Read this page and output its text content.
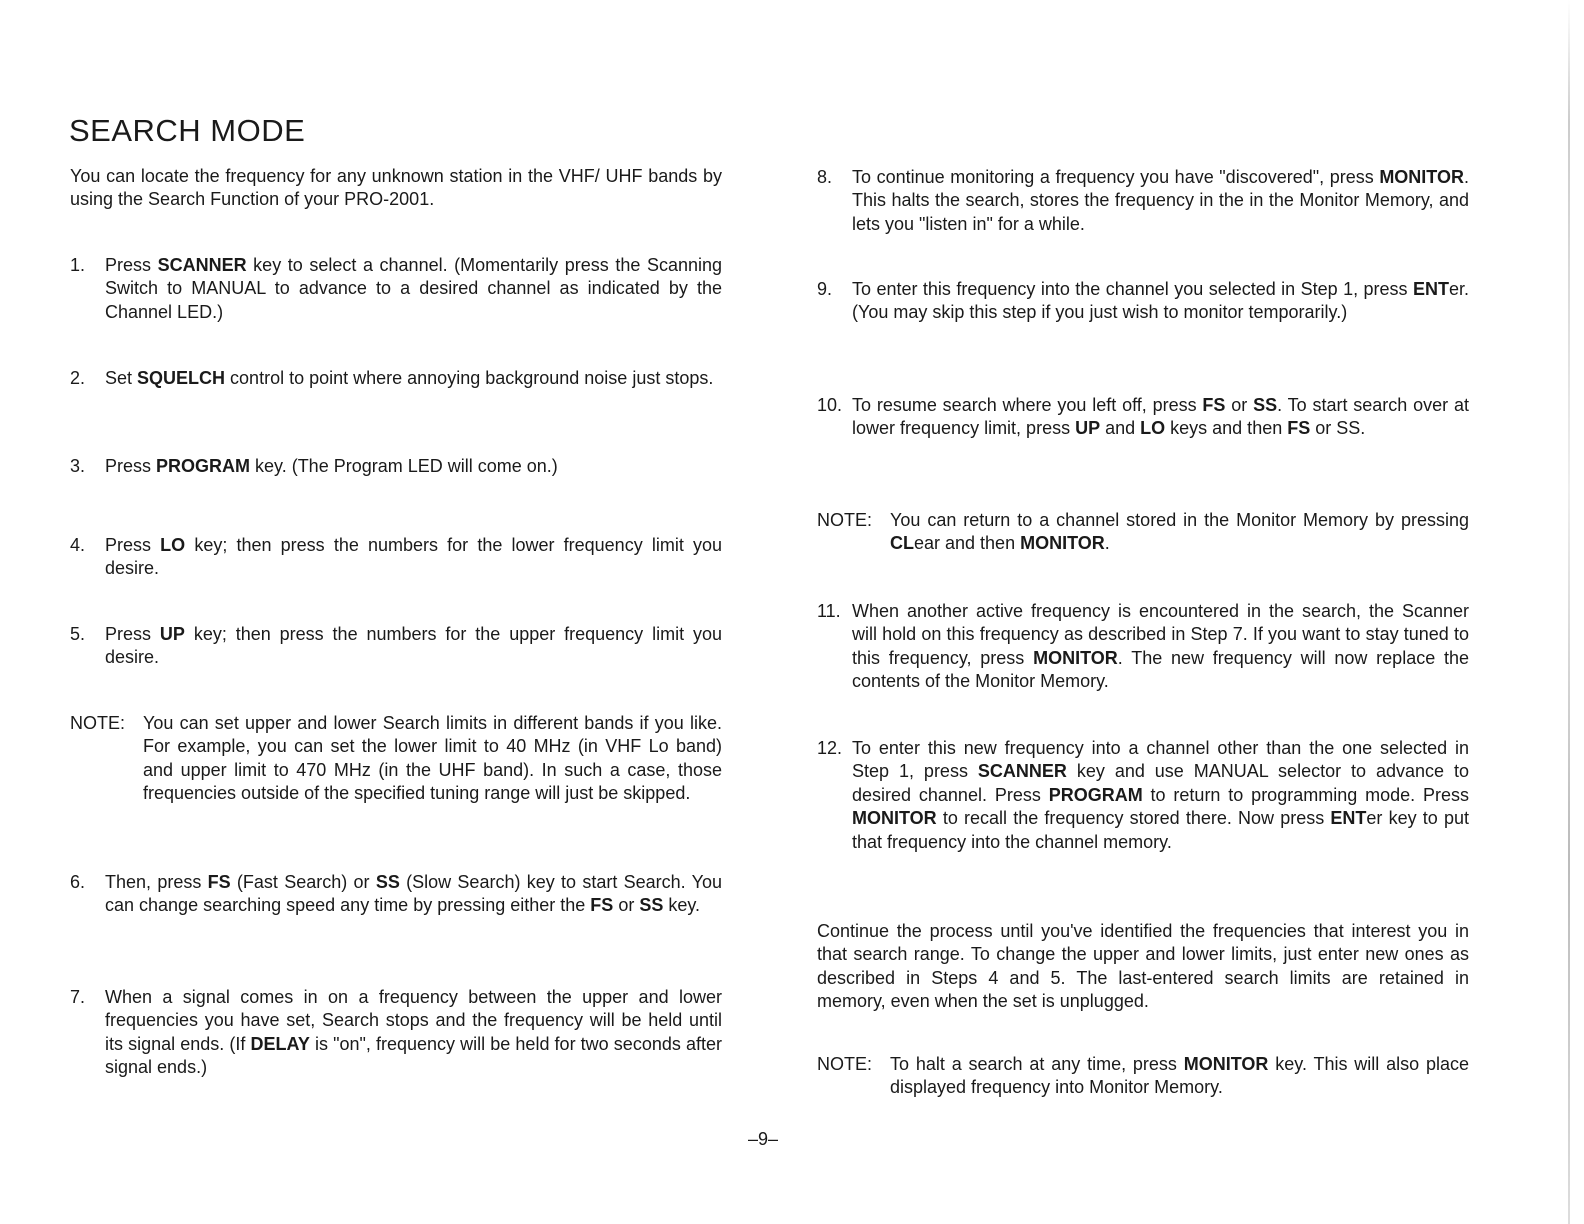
SEARCH MODE
You can locate the frequency for any unknown station in the VHF/ UHF bands by using the Search Function of your PRO-2001.
1.	Press SCANNER key to select a channel. (Momentarily press the Scanning Switch to MANUAL to advance to a desired channel as indicated by the Channel LED.)
2.	Set SQUELCH control to point where annoying background noise just stops.
3.	Press PROGRAM key. (The Program LED will come on.)
4.	Press LO key; then press the numbers for the lower frequency limit you desire.
5.	Press UP key; then press the numbers for the upper frequency limit you desire.
NOTE: You can set upper and lower Search limits in different bands if you like. For example, you can set the lower limit to 40 MHz (in VHF Lo band) and upper limit to 470 MHz (in the UHF band). In such a case, those frequencies outside of the specified tuning range will just be skipped.
6.	Then, press FS (Fast Search) or SS (Slow Search) key to start Search. You can change searching speed any time by pressing either the FS or SS key.
7.	When a signal comes in on a frequency between the upper and lower frequencies you have set, Search stops and the frequency will be held until its signal ends. (If DELAY is "on", frequency will be held for two seconds after signal ends.)
8.	To continue monitoring a frequency you have "discovered", press MONITOR. This halts the search, stores the frequency in the in the Monitor Memory, and lets you "listen in" for a while.
9.	To enter this frequency into the channel you selected in Step 1, press ENTer. (You may skip this step if you just wish to monitor temporarily.)
10. To resume search where you left off, press FS or SS. To start search over at lower frequency limit, press UP and LO keys and then FS or SS.
NOTE: You can return to a channel stored in the Monitor Memory by pressing CLear and then MONITOR.
11. When another active frequency is encountered in the search, the Scanner will hold on this frequency as described in Step 7. If you want to stay tuned to this frequency, press MONITOR. The new frequency will now replace the contents of the Monitor Memory.
12. To enter this new frequency into a channel other than the one selected in Step 1, press SCANNER key and use MANUAL selector to advance to desired channel. Press PROGRAM to return to programming mode. Press MONITOR to recall the frequency stored there. Now press ENTer key to put that frequency into the channel memory.
Continue the process until you've identified the frequencies that interest you in that search range. To change the upper and lower limits, just enter new ones as described in Steps 4 and 5. The last-entered search limits are retained in memory, even when the set is unplugged.
NOTE: To halt a search at any time, press MONITOR key. This will also place displayed frequency into Monitor Memory.
–9–
